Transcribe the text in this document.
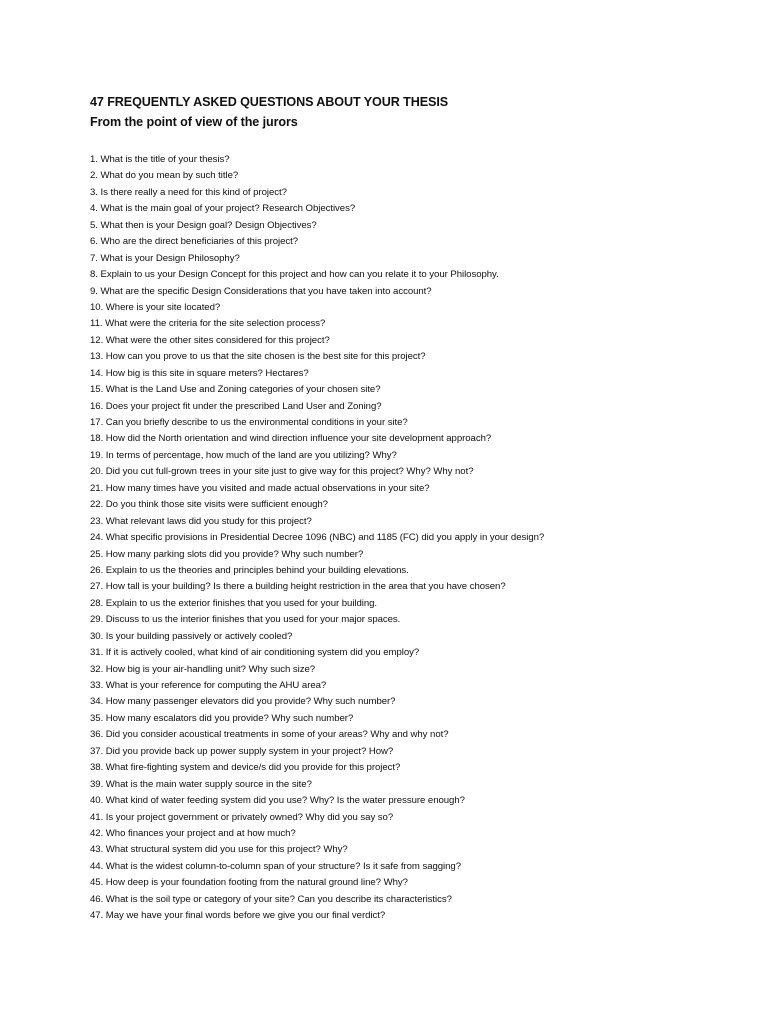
47 FREQUENTLY ASKED QUESTIONS ABOUT YOUR THESIS

From the point of view of the jurors

1. What is the title of your thesis?
2. What do you mean by such title?
3. Is there really a need for this kind of project?
4. What is the main goal of your project? Research Objectives?
5. What then is your Design goal? Design Objectives?
6. Who are the direct beneficiaries of this project?
7. What is your Design Philosophy?
8. Explain to us your Design Concept for this project and how can you relate it to your Philosophy.
9. What are the specific Design Considerations that you have taken into account?
10. Where is your site located?
11. What were the criteria for the site selection process?
12. What were the other sites considered for this project?
13. How can you prove to us that the site chosen is the best site for this project?
14. How big is this site in square meters? Hectares?
15. What is the Land Use and Zoning categories of your chosen site?
16. Does your project fit under the prescribed Land User and Zoning?
17. Can you briefly describe to us the environmental conditions in your site?
18. How did the North orientation and wind direction influence your site development approach?
19. In terms of percentage, how much of the land are you utilizing? Why?
20. Did you cut full-grown trees in your site just to give way for this project? Why? Why not?
21. How many times have you visited and made actual observations in your site?
22. Do you think those site visits were sufficient enough?
23. What relevant laws did you study for this project?
24. What specific provisions in Presidential Decree 1096 (NBC) and 1185 (FC) did you apply in your design?
25. How many parking slots did you provide? Why such number?
26. Explain to us the theories and principles behind your building elevations.
27. How tall is your building? Is there a building height restriction in the area that you have chosen?
28. Explain to us the exterior finishes that you used for your building.
29. Discuss to us the interior finishes that you used for your major spaces.
30. Is your building passively or actively cooled?
31. If it is actively cooled, what kind of air conditioning system did you employ?
32. How big is your air-handling unit? Why such size?
33. What is your reference for computing the AHU area?
34. How many passenger elevators did you provide? Why such number?
35. How many escalators did you provide? Why such number?
36. Did you consider acoustical treatments in some of your areas? Why and why not?
37. Did you provide back up power supply system in your project? How?
38. What fire-fighting system and device/s did you provide for this project?
39. What is the main water supply source in the site?
40. What kind of water feeding system did you use? Why? Is the water pressure enough?
41. Is your project government or privately owned? Why did you say so?
42. Who finances your project and at how much?
43. What structural system did you use for this project? Why?
44. What is the widest column-to-column span of your structure? Is it safe from sagging?
45. How deep is your foundation footing from the natural ground line? Why?
46. What is the soil type or category of your site? Can you describe its characteristics?
47. May we have your final words before we give you our final verdict?
